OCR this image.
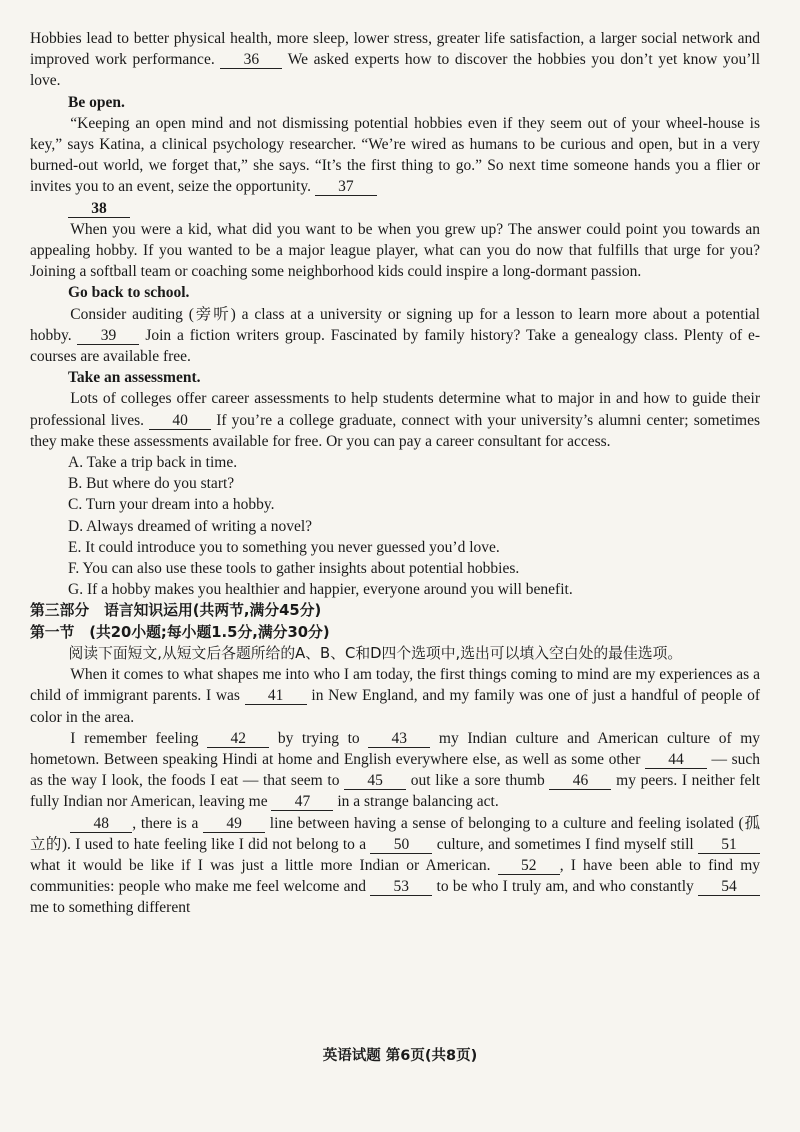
Hobbies lead to better physical health, more sleep, lower stress, greater life satisfaction, a larger social network and improved work performance. 36 We asked experts how to discover the hobbies you don’t yet know you’ll love.

Be open.

“Keeping an open mind and not dismissing potential hobbies even if they seem out of your wheel-house is key,” says Katina, a clinical psychology researcher. “We’re wired as humans to be curious and open, but in a very burned-out world, we forget that,” she says. “It’s the first thing to go.” So next time someone hands you a flier or invites you to an event, seize the opportunity. 37

38

When you were a kid, what did you want to be when you grew up? The answer could point you towards an appealing hobby. If you wanted to be a major league player, what can you do now that fulfills that urge for you? Joining a softball team or coaching some neighborhood kids could inspire a long-dormant passion.

Go back to school.

Consider auditing (旁听) a class at a university or signing up for a lesson to learn more about a potential hobby. 39 Join a fiction writers group. Fascinated by family history? Take a genealogy class. Plenty of e-courses are available free.

Take an assessment.

Lots of colleges offer career assessments to help students determine what to major in and how to guide their professional lives. 40 If you’re a college graduate, connect with your university’s alumni center; sometimes they make these assessments available for free. Or you can pay a career consultant for access.

A. Take a trip back in time.

B. But where do you start?

C. Turn your dream into a hobby.

D. Always dreamed of writing a novel?

E. It could introduce you to something you never guessed you’d love.

F. You can also use these tools to gather insights about potential hobbies.

G. If a hobby makes you healthier and happier, everyone around you will benefit.

第三部分　语言知识运用(共两节,满分45分)

第一节　(共20小题;每小题1.5分,满分30分)

阅读下面短文,从短文后各题所给的A、B、C和D四个选项中,选出可以填入空白处的最佳选项。

When it comes to what shapes me into who I am today, the first things coming to mind are my experiences as a child of immigrant parents. I was 41 in New England, and my family was one of just a handful of people of color in the area.

I remember feeling 42 by trying to 43 my Indian culture and American culture of my hometown. Between speaking Hindi at home and English everywhere else, as well as some other 44 — such as the way I look, the foods I eat — that seem to 45 out like a sore thumb 46 my peers. I neither felt fully Indian nor American, leaving me 47 in a strange balancing act.

48 , there is a 49 line between having a sense of belonging to a culture and feeling isolated (孤立的). I used to hate feeling like I did not belong to a 50 culture, and sometimes I find myself still 51 what it would be like if I was just a little more Indian or American. 52 , I have been able to find my communities: people who make me feel welcome and 53 to be who I truly am, and who constantly 54 me to something different

英语试题 第6页(共8页)
